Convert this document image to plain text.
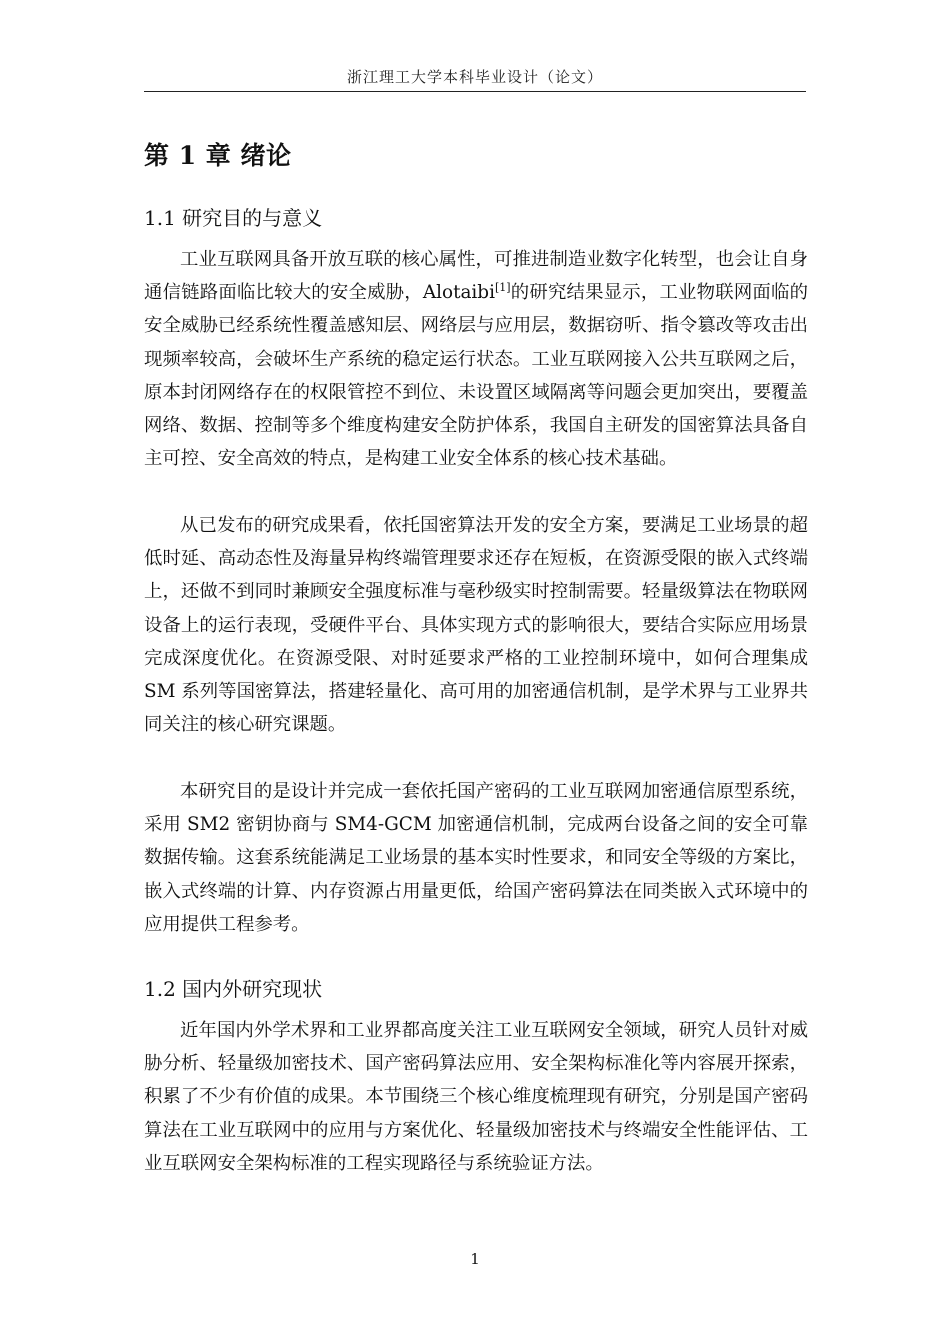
浙江理工大学本科毕业设计（论文）
第 1 章 绪论
1.1 研究目的与意义

工业互联网具备开放互联的核心属性，可推进制造业数字化转型，也会让自身通信链路面临比较大的安全威胁，Alotaibi[1]的研究结果显示，工业物联网面临的安全威胁已经系统性覆盖感知层、网络层与应用层，数据窃听、指令篡改等攻击出现频率较高，会破坏生产系统的稳定运行状态。工业互联网接入公共互联网之后，原本封闭网络存在的权限管控不到位、未设置区域隔离等问题会更加突出，要覆盖网络、数据、控制等多个维度构建安全防护体系，我国自主研发的国密算法具备自主可控、安全高效的特点，是构建工业安全体系的核心技术基础。

从已发布的研究成果看，依托国密算法开发的安全方案，要满足工业场景的超低时延、高动态性及海量异构终端管理要求还存在短板，在资源受限的嵌入式终端上，还做不到同时兼顾安全强度标准与毫秒级实时控制需要。轻量级算法在物联网设备上的运行表现，受硬件平台、具体实现方式的影响很大，要结合实际应用场景完成深度优化。在资源受限、对时延要求严格的工业控制环境中，如何合理集成 SM 系列等国密算法，搭建轻量化、高可用的加密通信机制，是学术界与工业界共同关注的核心研究课题。

本研究目的是设计并完成一套依托国产密码的工业互联网加密通信原型系统，采用 SM2 密钥协商与 SM4-GCM 加密通信机制，完成两台设备之间的安全可靠数据传输。这套系统能满足工业场景的基本实时性要求，和同安全等级的方案比，嵌入式终端的计算、内存资源占用量更低，给国产密码算法在同类嵌入式环境中的应用提供工程参考。

1.2 国内外研究现状

近年国内外学术界和工业界都高度关注工业互联网安全领域，研究人员针对威胁分析、轻量级加密技术、国产密码算法应用、安全架构标准化等内容展开探索，积累了不少有价值的成果。本节围绕三个核心维度梳理现有研究，分别是国产密码算法在工业互联网中的应用与方案优化、轻量级加密技术与终端安全性能评估、工业互联网安全架构标准的工程实现路径与系统验证方法。

1
